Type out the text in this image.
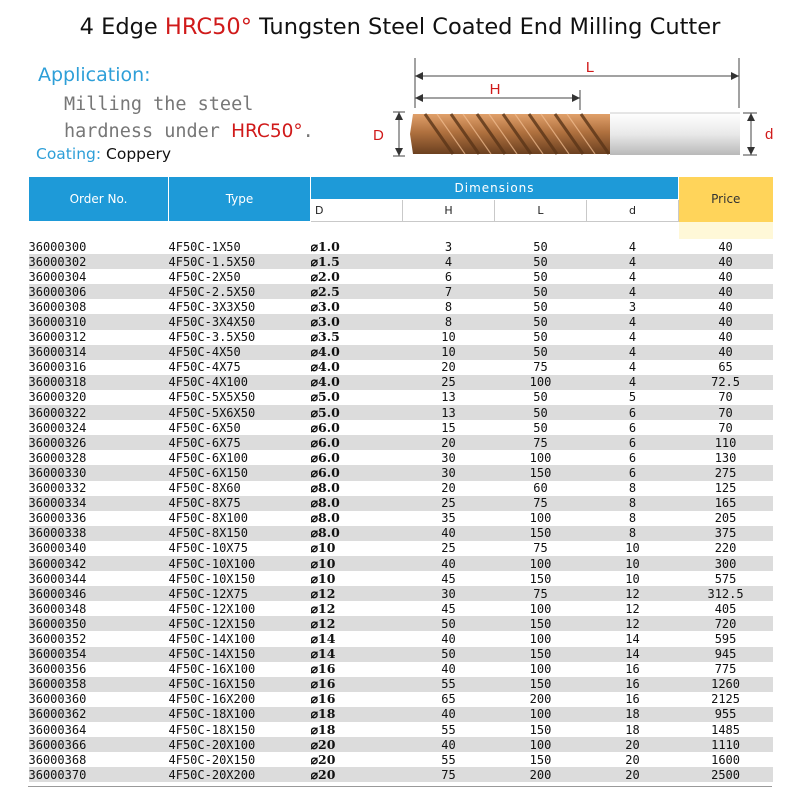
4 Edge HRC50° Tungsten Steel Coated End Milling Cutter
Application:
Milling the steel
hardness under HRC50°.
Coating: Coppery
L
H
D	d
Order No.	Type	Dimensions				Price
		D	H	L	d	

36000300	4F50C-1X50	⌀1.0	3	50	4	40
36000302	4F50C-1.5X50	⌀1.5	4	50	4	40
36000304	4F50C-2X50	⌀2.0	6	50	4	40
36000306	4F50C-2.5X50	⌀2.5	7	50	4	40
36000308	4F50C-3X3X50	⌀3.0	8	50	3	40
36000310	4F50C-3X4X50	⌀3.0	8	50	4	40
36000312	4F50C-3.5X50	⌀3.5	10	50	4	40
36000314	4F50C-4X50	⌀4.0	10	50	4	40
36000316	4F50C-4X75	⌀4.0	20	75	4	65
36000318	4F50C-4X100	⌀4.0	25	100	4	72.5
36000320	4F50C-5X5X50	⌀5.0	13	50	5	70
36000322	4F50C-5X6X50	⌀5.0	13	50	6	70
36000324	4F50C-6X50	⌀6.0	15	50	6	70
36000326	4F50C-6X75	⌀6.0	20	75	6	110
36000328	4F50C-6X100	⌀6.0	30	100	6	130
36000330	4F50C-6X150	⌀6.0	30	150	6	275
36000332	4F50C-8X60	⌀8.0	20	60	8	125
36000334	4F50C-8X75	⌀8.0	25	75	8	165
36000336	4F50C-8X100	⌀8.0	35	100	8	205
36000338	4F50C-8X150	⌀8.0	40	150	8	375
36000340	4F50C-10X75	⌀10	25	75	10	220
36000342	4F50C-10X100	⌀10	40	100	10	300
36000344	4F50C-10X150	⌀10	45	150	10	575
36000346	4F50C-12X75	⌀12	30	75	12	312.5
36000348	4F50C-12X100	⌀12	45	100	12	405
36000350	4F50C-12X150	⌀12	50	150	12	720
36000352	4F50C-14X100	⌀14	40	100	14	595
36000354	4F50C-14X150	⌀14	50	150	14	945
36000356	4F50C-16X100	⌀16	40	100	16	775
36000358	4F50C-16X150	⌀16	55	150	16	1260
36000360	4F50C-16X200	⌀16	65	200	16	2125
36000362	4F50C-18X100	⌀18	40	100	18	955
36000364	4F50C-18X150	⌀18	55	150	18	1485
36000366	4F50C-20X100	⌀20	40	100	20	1110
36000368	4F50C-20X150	⌀20	55	150	20	1600
36000370	4F50C-20X200	⌀20	75	200	20	2500
